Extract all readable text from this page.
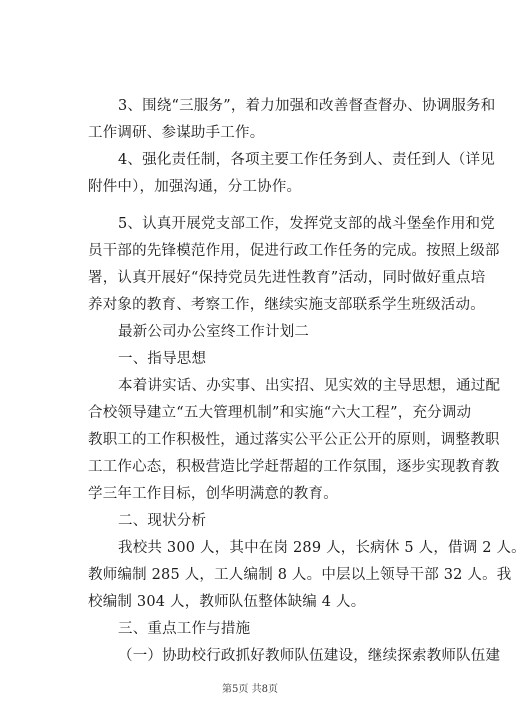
3、围绕“三服务”，着力加强和改善督查督办、协调服务和
工作调研、参谋助手工作。
4、强化责任制，各项主要工作任务到人、责任到人（详见
附件中），加强沟通，分工协作。
5、认真开展党支部工作，发挥党支部的战斗堡垒作用和党
员干部的先锋模范作用，促进行政工作任务的完成。按照上级部
署，认真开展好“保持党员先进性教育”活动，同时做好重点培
养对象的教育、考察工作，继续实施支部联系学生班级活动。
最新公司办公室终工作计划二
一、指导思想
本着讲实话、办实事、出实招、见实效的主导思想，通过配
合校领导建立“五大管理机制”和实施“六大工程”，充分调动
教职工的工作积极性，通过落实公平公正公开的原则，调整教职
工工作心态，积极营造比学赶帮超的工作氛围，逐步实现教育教
学三年工作目标，创华明满意的教育。
二、现状分析
我校共 300 人，其中在岗 289 人，长病休 5 人，借调 2 人。
教师编制 285 人，工人编制 8 人。中层以上领导干部 32 人。我
校编制 304 人，教师队伍整体缺编 4 人。
三、重点工作与措施
（一）协助校行政抓好教师队伍建设，继续探索教师队伍建
第5页 共8页
